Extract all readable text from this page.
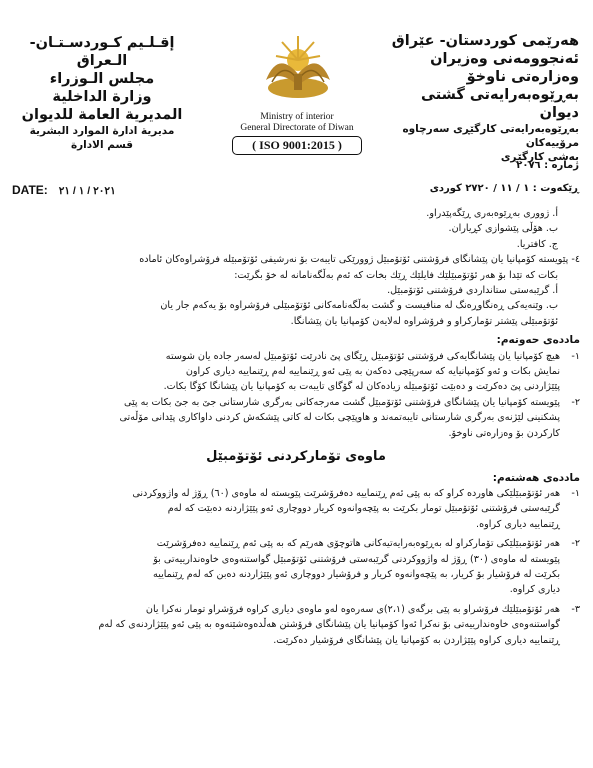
هەرێمی كوردستان- عێراق
ئەنجوومەنی وەزیران
وەزارەتی ناوخۆ
بەڕێوەبەرایەتی گشتی دیوان
بەڕێوەبەرایەتی كارگێڕی سەرچاوە مرۆییەكان
بەشی كارگێڕی
إقـلـيم كـوردسـتـان- الـعراق
مجلس الـوزراء
وزارة الداخلية
المديرية العامة للديوان
مديرية ادارة الموارد البشرية
قسم الادارة
Ministry of interior
General Directorate of Diwan
( ISO 9001:2015 )
ژمارە : ٢٠٧٦
ڕێكەوت : ١ / ١١ / ٢٧٢٠ كوردی
DATE: ٢٠٢١ / ١ / ٢١

أ. ژووری بەڕێوەبەری ڕێگەپێدراو.

ب. هۆڵی پێشوازی كڕیاران.

ج. كافتریا.

٤- پێویستە كۆمپانیا یان پێشانگای فرۆشتنی ئۆتۆمبێل ژوورێكی تایبەت بۆ نەرشیفی ئۆتۆمبێلە فرۆشراوەكان ئامادە

بكات كە تێدا بۆ هەر ئۆتۆمبێلێك فایلێك ڕێك بخات كە ئەم بەڵگەنامانە لە خۆ بگرێت:

أ. گرێبەستی ستانداردی فرۆشتنی ئۆتۆمبێل.

ب. وێنەیەكی ڕەنگاوڕەنگ لە منافیست و گشت بەڵگەنامەكانی ئۆتۆمبێلی فرۆشراوە بۆ یەكەم جار یان

ئۆتۆمبێلی پێشتر تۆماركراو و فرۆشراوە لەلایەن كۆمپانیا یان پێشانگا.

ماددەی حەوتەم:

١-
هیچ كۆمپانیا یان پێشانگایەكی فرۆشتنی ئۆتۆمبێل ڕێگای پێ نادرێت ئۆتۆمبێل لەسەر جادە یان شوستە
نمایش بكات و ئەو كۆمپانیایە كە سەرپێچی دەكەن بە پێی ئەو ڕێنماییە لەم ڕێنماییە دیاری كراون
پێێژاردنی پێ دەكرێت و دەبێت ئۆتۆمبێلە زیادەكان لە گۆگای تایبەت بە كۆمپانیا یان پێشانگا كۆگا بكات.
٢-
پێویستە كۆمپانیا یان پێشانگای فرۆشتنی ئۆتۆمبێل گشت مەرجەكانی بەرگری شارستانی جێ بە جێ بكات بە پێی
پشكنینی لێژنەی بەرگری شارستانی تایبەتمەند و هاوپێچی بكات لە كاتی پێشكەش كردنی داواكاری پێدانی مۆڵەتی
كاركردن بۆ وەزارەتی ناوخۆ.

ماوەی تۆماركردنی ئۆتۆمبێل

ماددەی هەشتەم:

١-
هەر ئۆتۆمبێلێكی هاوردە كراو كە بە پێی ئەم ڕێنماییە دەفرۆشرێت پێویستە لە ماوەی (٦٠) ڕۆژ لە واژووكردنی
گرێبەستی فرۆشتنی ئۆتۆمبێل تومار بكرێت بە پێچەوانەوە كریار دووچاری ئەو پێێژاردنە دەبێت كە لەم
ڕێنماییە دیاری كراوە.
٢-
هەر ئۆتۆمبێلێكی تۆماركراو لە بەڕێوەبەرایەتیەكانی هاتوچۆی هەرێم كە بە پێی ئەم ڕێنماییە دەفرۆشرێت
پێویستە لە ماوەی (٣٠) ڕۆژ لە واژووكردنی گرێبەستی فرۆشتنی ئۆتۆمبێل گواستنەوەی خاوەندارییەتی بۆ
بكرێت لە فرۆشیار بۆ كریار، بە پێچەوانەوە كریار و فرۆشیار دووچاری ئەو پێێژاردنە دەبن كە لەم ڕێنماییە
دیاری كراوە.
٣-
هەر ئۆتۆمبێلێك فرۆشراو بە پێی برگەی (٢،١)ی سەرەوە لەو ماوەی دیاری كراوە فرۆشراو تومار نەكرا یان
گواستنەوەی خاوەندارییەتی بۆ نەكرا ئەوا كۆمپانیا یان پێشانگای فرۆشتن هەڵدەوەشێتەوە بە پێی ئەو پێێژاردنەی كە لەم
ڕێنماییە دیاری كراوە پێێژاردن بە كۆمپانیا یان پێشانگای فرۆشیار دەكرێت.
